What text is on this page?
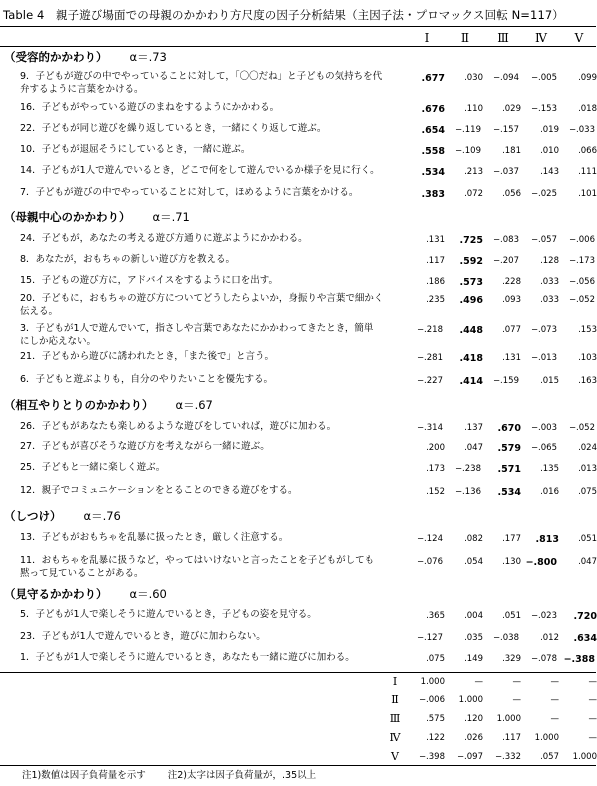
Table 4　親子遊び場面での母親のかかわり方尺度の因子分析結果（主因子法・プロマックス回転 N=117）
Ⅰ	Ⅱ	Ⅲ	Ⅳ	Ⅴ
（受容的かかわり） α＝.73
9．子どもが遊びの中でやっていることに対して，「〇〇だね」と子どもの気持ちを代
弁するように言葉をかける。
.677	.030	−.094	−.005	.099
16．子どもがやっている遊びのまねをするようにかかわる。	.676	.110	.029	−.153	.018
22．子どもが同じ遊びを繰り返しているとき，一緒にくり返して遊ぶ。	.654	−.119	−.157	.019	−.033
10．子どもが退屈そうにしているとき，一緒に遊ぶ。	.558	−.109	.181	.010	.066
14．子どもが1人で遊んでいるとき，どこで何をして遊んでいるか様子を見に行く。	.534	.213	−.037	.143	.111
7．子どもが遊びの中でやっていることに対して，ほめるように言葉をかける。	.383	.072	.056	−.025	.101
（母親中心のかかわり） α＝.71
24．子どもが，あなたの考える遊び方通りに遊ぶようにかかわる。	.131	.725	−.083	−.057	−.006
8．あなたが，おもちゃの新しい遊び方を教える。	.117	.592	−.207	.128	−.173
15．子どもの遊び方に，アドバイスをするように口を出す。	.186	.573	.228	.033	−.056
20．子どもに，おもちゃの遊び方についてどうしたらよいか，身振りや言葉で細かく
伝える。
.235	.496	.093	.033	−.052
3．子どもが1人で遊んでいて，指さしや言葉であなたにかかわってきたとき，簡単
にしか応えない。
−.218	.448	.077	−.073	.153
21．子どもから遊びに誘われたとき，「また後で」と言う。	−.281	.418	.131	−.013	.103
6．子どもと遊ぶよりも，自分のやりたいことを優先する。	−.227	.414	−.159	.015	.163
（相互やりとりのかかわり） α＝.67
26．子どもがあなたも楽しめるような遊びをしていれば，遊びに加わる。	−.314	.137	.670	−.003	−.052
27．子どもが喜びそうな遊び方を考えながら一緒に遊ぶ。	.200	.047	.579	−.065	.024
25．子どもと一緒に楽しく遊ぶ。	.173	−.238	.571	.135	.013
12．親子でコミュニケーションをとることのできる遊びをする。	.152	−.136	.534	.016	.075
（しつけ） α＝.76
13．子どもがおもちゃを乱暴に扱ったとき，厳しく注意する。	−.124	.082	.177	.813	.051
11．おもちゃを乱暴に扱うなど，やってはいけないと言ったことを子どもがしても
黙って見ていることがある。
−.076	.054	.130 −.800	.047
（見守るかかわり） α＝.60
5．子どもが1人で楽しそうに遊んでいるとき，子どもの姿を見守る。	.365	.004	.051	−.023	.720
23．子どもが1人で遊んでいるとき，遊びに加わらない。	−.127	.035	−.038	.012	.634
1．子どもが1人で楽しそうに遊んでいるとき，あなたも一緒に遊びに加わる。	.075	.149	.329	−.078 −.388
Ⅰ	1.000	—	—	—	—
Ⅱ	−.006	1.000	—	—	—
Ⅲ	.575	.120	1.000	—	—
Ⅳ	.122	.026	.117	1.000	—
Ⅴ	−.398	−.097	−.332	.057	1.000
注1)数値は因子負荷量を示す 注2)太字は因子負荷量が，.35以上
